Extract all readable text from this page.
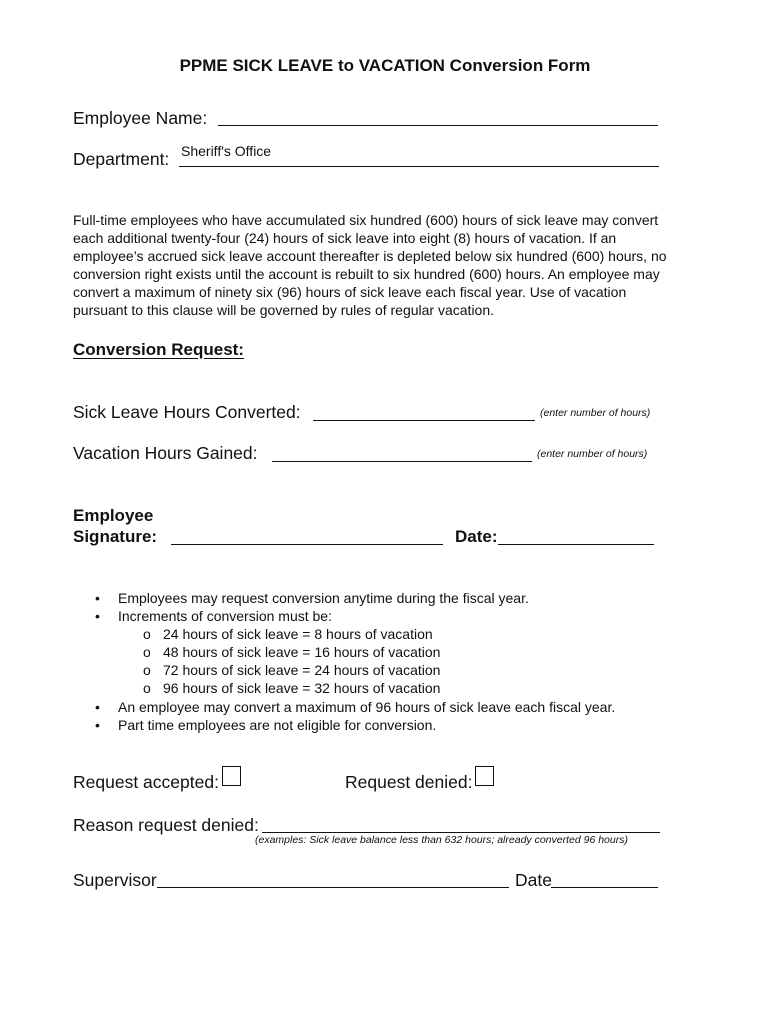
PPME SICK LEAVE to VACATION Conversion Form
Employee Name:
Department: Sheriff's Office
Full-time employees who have accumulated six hundred (600) hours of sick leave may convert
each additional twenty-four (24) hours of sick leave into eight (8) hours of vacation. If an
employee’s accrued sick leave account thereafter is depleted below six hundred (600) hours, no
conversion right exists until the account is rebuilt to six hundred (600) hours. An employee may
convert a maximum of ninety six (96) hours of sick leave each fiscal year. Use of vacation
pursuant to this clause will be governed by rules of regular vacation.
Conversion Request:
Sick Leave Hours Converted:	(enter number of hours)
Vacation Hours Gained:	(enter number of hours)
Employee
Signature:	Date:
• Employees may request conversion anytime during the fiscal year.
• Increments of conversion must be:
o 24 hours of sick leave = 8 hours of vacation
o 48 hours of sick leave = 16 hours of vacation
o 72 hours of sick leave = 24 hours of vacation
o 96 hours of sick leave = 32 hours of vacation
• An employee may convert a maximum of 96 hours of sick leave each fiscal year.
• Part time employees are not eligible for conversion.
Request accepted:	Request denied:
Reason request denied:
(examples: Sick leave balance less than 632 hours; already converted 96 hours)
Supervisor	Date
